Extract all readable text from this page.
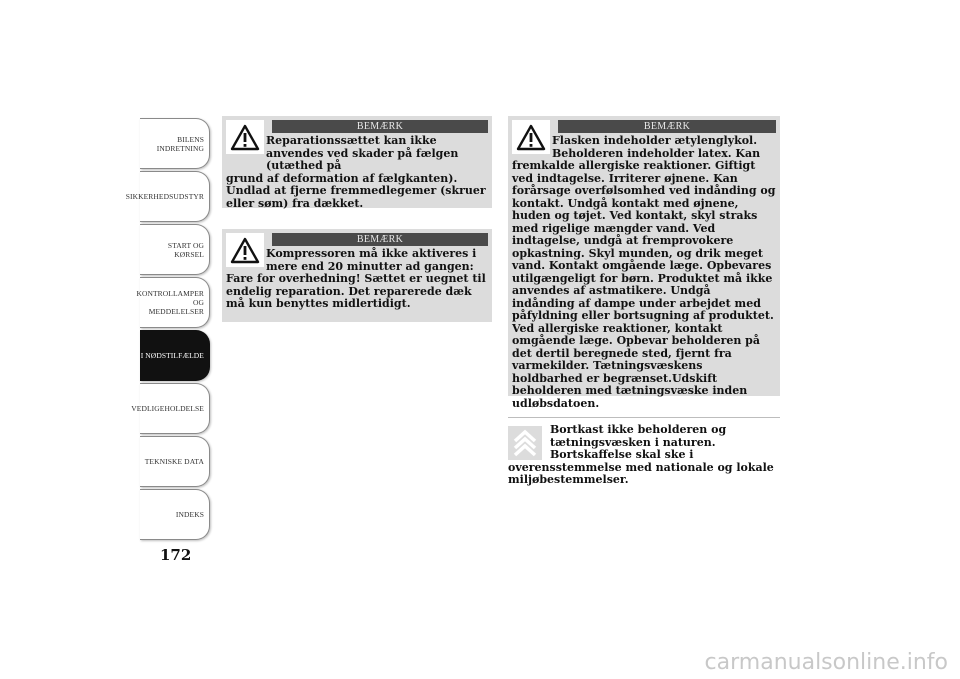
BILENS INDRETNING
SIKKERHEDSUDSTYR
START OG KØRSEL
KONTROLLAMPER OG MEDDELELSER
I NØDSTILFÆLDE
VEDLIGEHOLDELSE
TEKNISKE DATA
INDEKS
172
BEMÆRK
Reparationssættet kan ikke anvendes ved skader på fælgen (utæthed på
grund af deformation af fælgkanten). Undlad at fjerne fremmedlegemer (skruer eller søm) fra dækket.
BEMÆRK
Kompressoren må ikke aktiveres i mere end 20 minutter ad gangen:
Fare for overhedning! Sættet er uegnet til endelig reparation. Det reparerede dæk må kun benyttes midlertidigt.
BEMÆRK
Flasken indeholder ætylenglykol. Beholderen indeholder latex. Kan
fremkalde allergiske reaktioner. Giftigt ved indtagelse. Irriterer øjnene. Kan forårsage overfølsomhed ved indånding og kontakt. Undgå kontakt med øjnene, huden og tøjet. Ved kontakt, skyl straks med rigelige mængder vand. Ved indtagelse, undgå at fremprovokere opkastning. Skyl munden, og drik meget vand. Kontakt omgående læge. Opbevares utilgængeligt for børn. Produktet må ikke anvendes af astmatikere. Undgå indånding af dampe under arbejdet med påfyldning eller bortsugning af produktet. Ved allergiske reaktioner, kontakt omgående læge. Opbevar beholderen på det dertil beregnede sted, fjernt fra varmekilder. Tætningsvæskens holdbarhed er begrænset.Udskift beholderen med tætningsvæske inden udløbsdatoen.
Bortkast ikke beholderen og tætningsvæsken i naturen. Bortskaffelse skal ske i
overensstemmelse med nationale og lokale miljøbestemmelser.
carmanualsonline.info
